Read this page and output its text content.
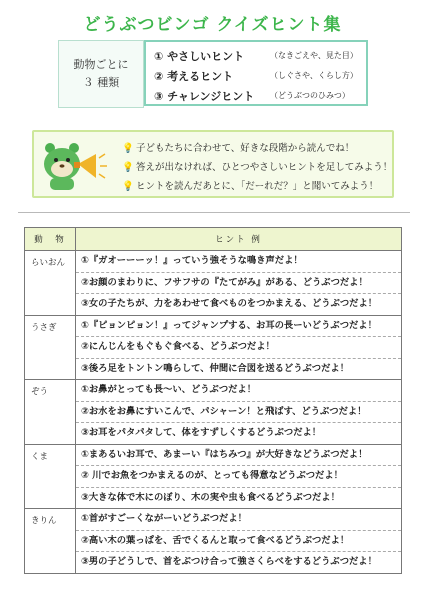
どうぶつビンゴ クイズヒント集
動物ごとに
３ 種類
① やさしいヒント	（なきごえや、見た目）
② 考えるヒント	（しぐさや、くらし方）
③ チャレンジヒント （どうぶつのひみつ）
💡 子どもたちに合わせて、好きな段階から読んでね！
💡 答えが出なければ、ひとつやさしいヒントを足してみよう！
💡 ヒントを読んだあとに、「だーれだ？」と聞いてみよう！
動　物	ヒント 例
らいおん	①『ガオーーーッ！』っていう強そうな鳴き声だよ！
②お顔のまわりに、フサフサの『たてがみ』がある、どうぶつだよ！
③女の子たちが、力をあわせて食べものをつかまえる、どうぶつだよ！

うさぎ	①『ピョンピョン！』ってジャンプする、お耳の長ーいどうぶつだよ！
②にんじんをもぐもぐ食べる、どうぶつだよ！
③後ろ足をトントン鳴らして、仲間に合図を送るどうぶつだよ！

ぞう	①お鼻がとっても長～い、どうぶつだよ！
②お水をお鼻にすいこんで、パシャーン！と飛ばす、どうぶつだよ！
③お耳をパタパタして、体をすずしくするどうぶつだよ！

くま	①まあるいお耳で、あまーい『はちみつ』が大好きなどうぶつだよ！
② 川でお魚をつかまえるのが、とっても得意などうぶつだよ！
③大きな体で木にのぼり、木の実や虫も食べるどうぶつだよ！

きりん	①首がすごーくながーいどうぶつだよ！
②高い木の葉っぱを、舌でくるんと取って食べるどうぶつだよ！
③男の子どうしで、首をぶつけ合って強さくらべをするどうぶつだよ！
